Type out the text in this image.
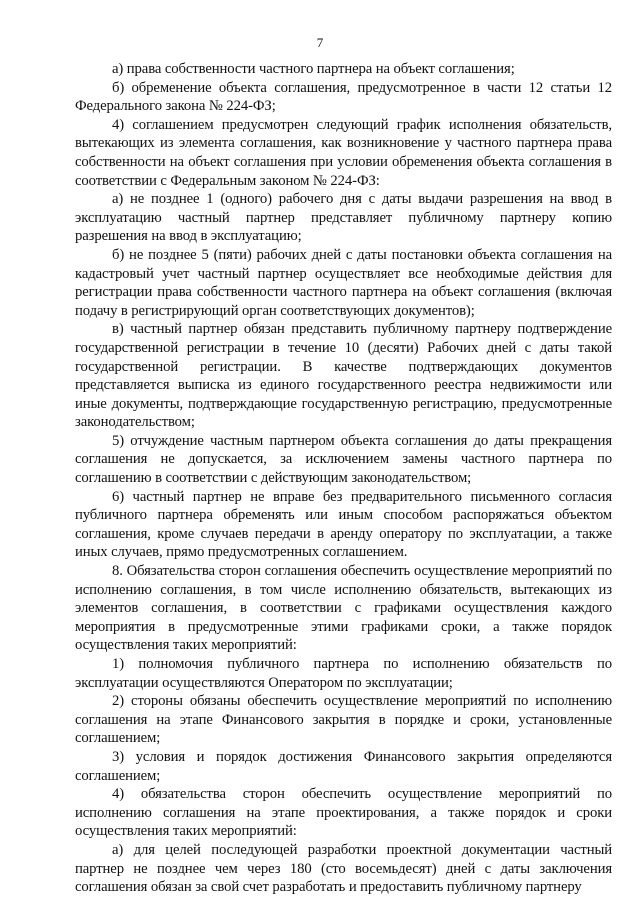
7

а) права собственности частного партнера на объект соглашения;

б) обременение объекта соглашения, предусмотренное в части 12 статьи 12 Федерального закона № 224-ФЗ;

4) соглашением предусмотрен следующий график исполнения обязательств, вытекающих из элемента соглашения, как возникновение у частного партнера права собственности на объект соглашения при условии обременения объекта соглашения в соответствии с Федеральным законом № 224-ФЗ:

а) не позднее 1 (одного) рабочего дня с даты выдачи разрешения на ввод в эксплуатацию частный партнер представляет публичному партнеру копию разрешения на ввод в эксплуатацию;

б) не позднее 5 (пяти) рабочих дней с даты постановки объекта соглашения на кадастровый учет частный партнер осуществляет все необходимые действия для регистрации права собственности частного партнера на объект соглашения (включая подачу в регистрирующий орган соответствующих документов);

в) частный партнер обязан представить публичному партнеру подтверждение государственной регистрации в течение 10 (десяти) Рабочих дней с даты такой государственной регистрации. В качестве подтверждающих документов представляется выписка из единого государственного реестра недвижимости или иные документы, подтверждающие государственную регистрацию, предусмотренные законодательством;

5) отчуждение частным партнером объекта соглашения до даты прекращения соглашения не допускается, за исключением замены частного партнера по соглашению в соответствии с действующим законодательством;

6) частный партнер не вправе без предварительного письменного согласия публичного партнера обременять или иным способом распоряжаться объектом соглашения, кроме случаев передачи в аренду оператору по эксплуатации, а также иных случаев, прямо предусмотренных соглашением.

8. Обязательства сторон соглашения обеспечить осуществление мероприятий по исполнению соглашения, в том числе исполнению обязательств, вытекающих из элементов соглашения, в соответствии с графиками осуществления каждого мероприятия в предусмотренные этими графиками сроки, а также порядок осуществления таких мероприятий:

1) полномочия публичного партнера по исполнению обязательств по эксплуатации осуществляются Оператором по эксплуатации;

2) стороны обязаны обеспечить осуществление мероприятий по исполнению соглашения на этапе Финансового закрытия в порядке и сроки, установленные соглашением;

3) условия и порядок достижения Финансового закрытия определяются соглашением;

4) обязательства сторон обеспечить осуществление мероприятий по исполнению соглашения на этапе проектирования, а также порядок и сроки осуществления таких мероприятий:

а) для целей последующей разработки проектной документации частный партнер не позднее чем через 180 (сто восемьдесят) дней с даты заключения соглашения обязан за свой счет разработать и предоставить публичному партнеру
